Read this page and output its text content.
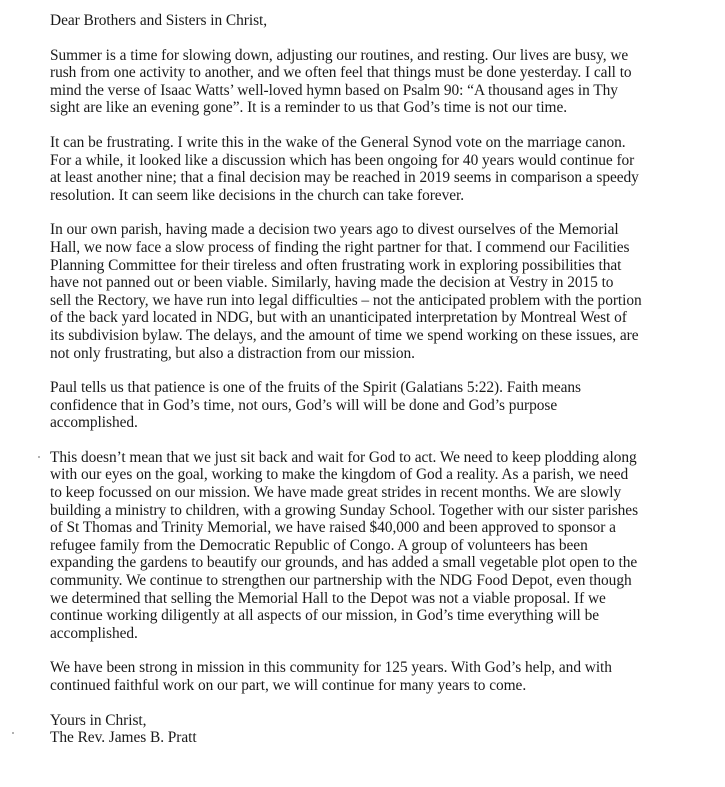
Dear Brothers and Sisters in Christ,

Summer is a time for slowing down, adjusting our routines, and resting. Our lives are busy, we
rush from one activity to another, and we often feel that things must be done yesterday. I call to
mind the verse of Isaac Watts’ well-loved hymn based on Psalm 90: “A thousand ages in Thy
sight are like an evening gone”. It is a reminder to us that God’s time is not our time.

It can be frustrating. I write this in the wake of the General Synod vote on the marriage canon.
For a while, it looked like a discussion which has been ongoing for 40 years would continue for
at least another nine; that a final decision may be reached in 2019 seems in comparison a speedy
resolution. It can seem like decisions in the church can take forever.

In our own parish, having made a decision two years ago to divest ourselves of the Memorial
Hall, we now face a slow process of finding the right partner for that. I commend our Facilities
Planning Committee for their tireless and often frustrating work in exploring possibilities that
have not panned out or been viable. Similarly, having made the decision at Vestry in 2015 to
sell the Rectory, we have run into legal difficulties – not the anticipated problem with the portion
of the back yard located in NDG, but with an unanticipated interpretation by Montreal West of
its subdivision bylaw. The delays, and the amount of time we spend working on these issues, are
not only frustrating, but also a distraction from our mission.

Paul tells us that patience is one of the fruits of the Spirit (Galatians 5:22). Faith means
confidence that in God’s time, not ours, God’s will will be done and God’s purpose
accomplished.

This doesn’t mean that we just sit back and wait for God to act. We need to keep plodding along
with our eyes on the goal, working to make the kingdom of God a reality. As a parish, we need
to keep focussed on our mission. We have made great strides in recent months. We are slowly
building a ministry to children, with a growing Sunday School. Together with our sister parishes
of St Thomas and Trinity Memorial, we have raised $40,000 and been approved to sponsor a
refugee family from the Democratic Republic of Congo. A group of volunteers has been
expanding the gardens to beautify our grounds, and has added a small vegetable plot open to the
community. We continue to strengthen our partnership with the NDG Food Depot, even though
we determined that selling the Memorial Hall to the Depot was not a viable proposal. If we
continue working diligently at all aspects of our mission, in God’s time everything will be
accomplished.

We have been strong in mission in this community for 125 years. With God’s help, and with
continued faithful work on our part, we will continue for many years to come.

Yours in Christ,

The Rev. James B. Pratt
